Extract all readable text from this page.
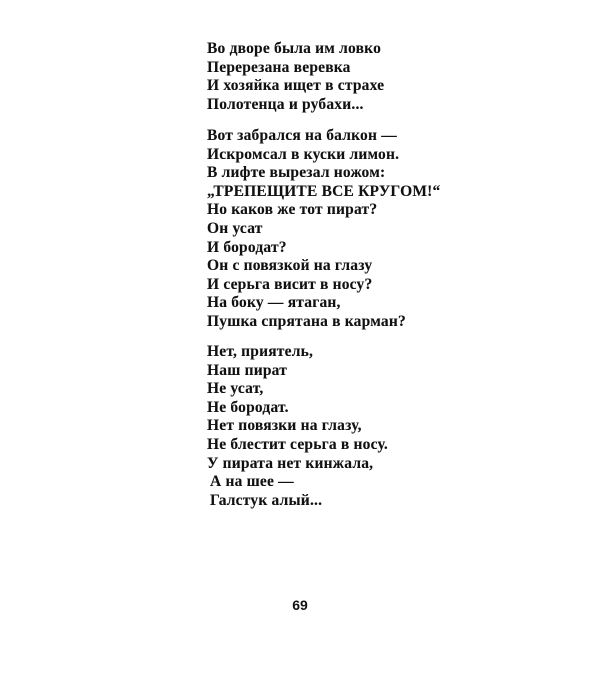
Во дворе была им ловко
Перерезана веревка
И хозяйка ищет в страхе
Полотенца и рубахи...
Вот забрался на балкон —
Искромсал в куски лимон.
В лифте вырезал ножом:
„ТРЕПЕЩИТЕ ВСЕ КРУГОМ!“
Но каков же тот пират?
Он усат
И бородат?
Он с повязкой на глазу
И серьга висит в носу?
На боку — ятаган,
Пушка спрятана в карман?
Нет, приятель,
Наш пират
Не усат,
Не бородат.
Нет повязки на глазу,
Не блестит серьга в носу.
У пирата нет кинжала,
А на шее —
Галстук алый...
69
